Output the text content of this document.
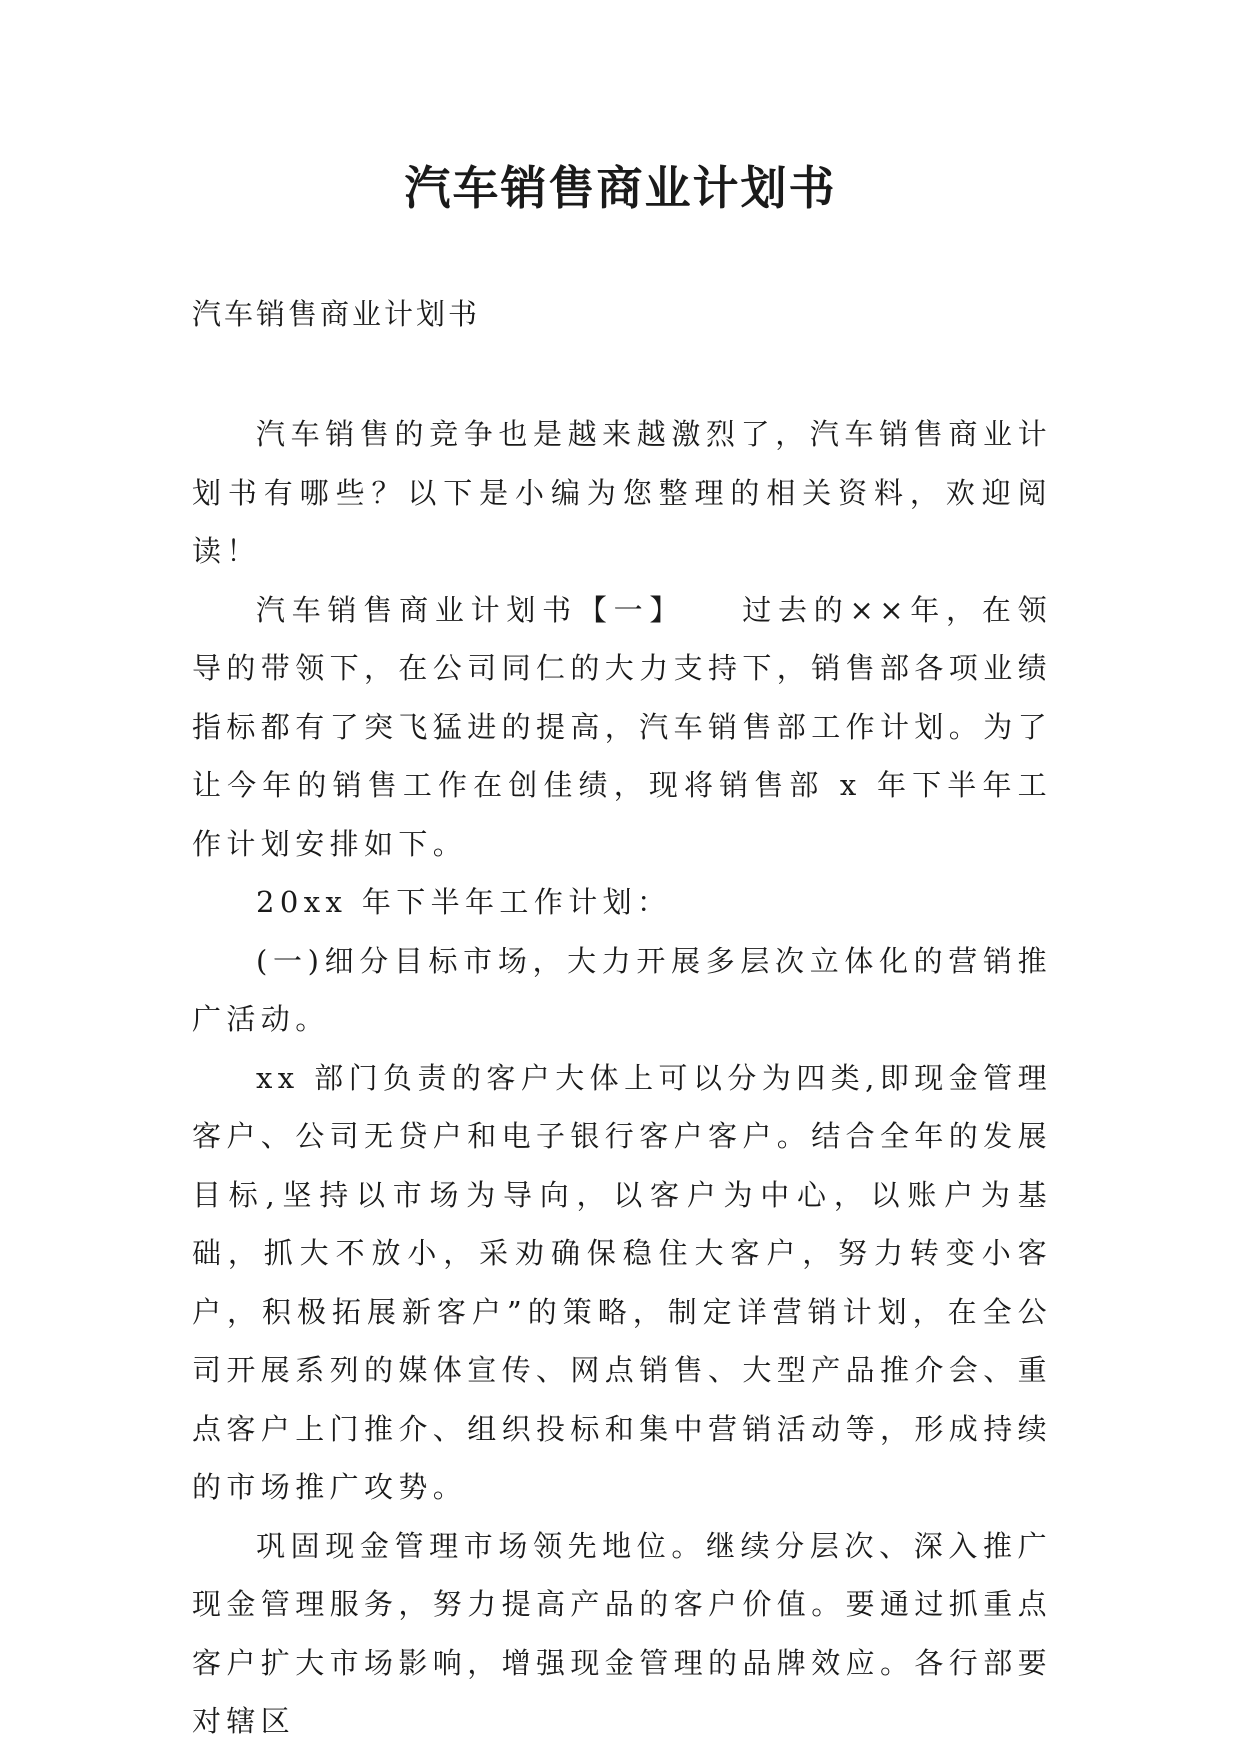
汽车销售商业计划书

汽车销售商业计划书

汽车销售的竞争也是越来越激烈了，汽车销售商业计划书有哪些？以下是小编为您整理的相关资料，欢迎阅读！

汽车销售商业计划书【一】　　过去的××年，在领导的带领下，在公司同仁的大力支持下，销售部各项业绩指标都有了突飞猛进的提高，汽车销售部工作计划。为了让今年的销售工作在创佳绩，现将销售部 x 年下半年工作计划安排如下。

20xx 年下半年工作计划：

(一)细分目标市场，大力开展多层次立体化的营销推广活动。

xx 部门负责的客户大体上可以分为四类,即现金管理客户、公司无贷户和电子银行客户客户。结合全年的发展目标,坚持以市场为导向，以客户为中心，以账户为基础，抓大不放小，采劝确保稳住大客户，努力转变小客户，积极拓展新客户”的策略，制定详营销计划，在全公司开展系列的媒体宣传、网点销售、大型产品推介会、重点客户上门推介、组织投标和集中营销活动等，形成持续的市场推广攻势。

巩固现金管理市场领先地位。继续分层次、深入推广现金管理服务，努力提高产品的客户价值。要通过抓重点客户扩大市场影响，增强现金管理的品牌效应。各行部要对辖区
